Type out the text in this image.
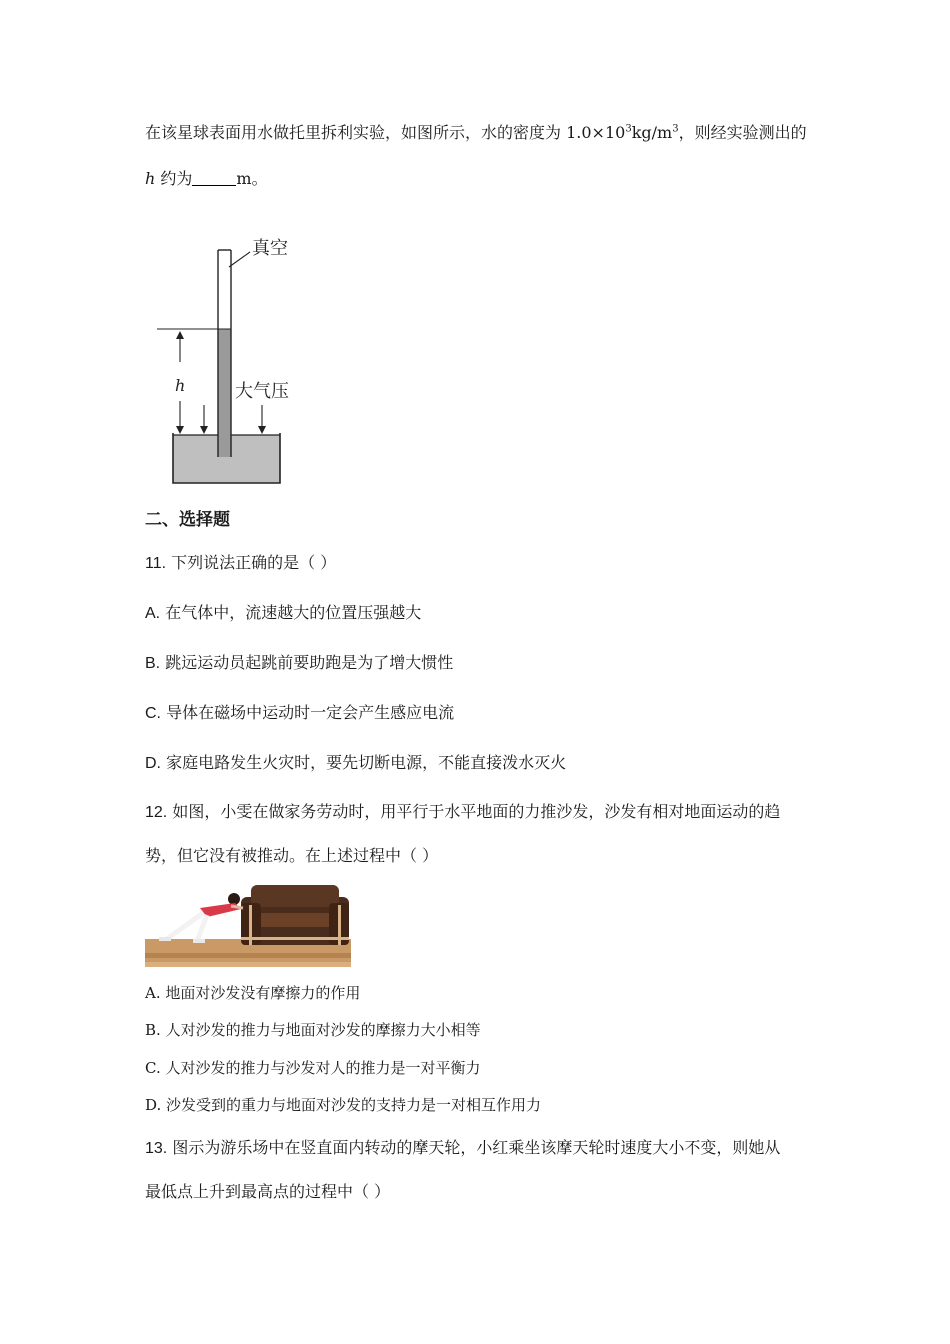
在该星球表面用水做托里拆利实验，如图所示，水的密度为 $1.0\times 10^3kg/m^3$，则经实验测出的
h 约为	m。
h	大气压
真空
二、选择题
11. 下列说法正确的是（ ）
A. 在气体中，流速越大的位置压强越大
B. 跳远运动员起跳前要助跑是为了增大惯性
C. 导体在磁场中运动时一定会产生感应电流
D. 家庭电路发生火灾时，要先切断电源，不能直接泼水灭火
12. 如图，小雯在做家务劳动时，用平行于水平地面的力推沙发，沙发有相对地面运动的趋
势，但它没有被推动。在上述过程中（ ）
A. 地面对沙发没有摩擦力的作用
B. 人对沙发的推力与地面对沙发的摩擦力大小相等
C. 人对沙发的推力与沙发对人的推力是一对平衡力
D. 沙发受到的重力与地面对沙发的支持力是一对相互作用力
13. 图示为游乐场中在竖直面内转动的摩天轮，小红乘坐该摩天轮时速度大小不变，则她从
最低点上升到最高点的过程中（ ）
